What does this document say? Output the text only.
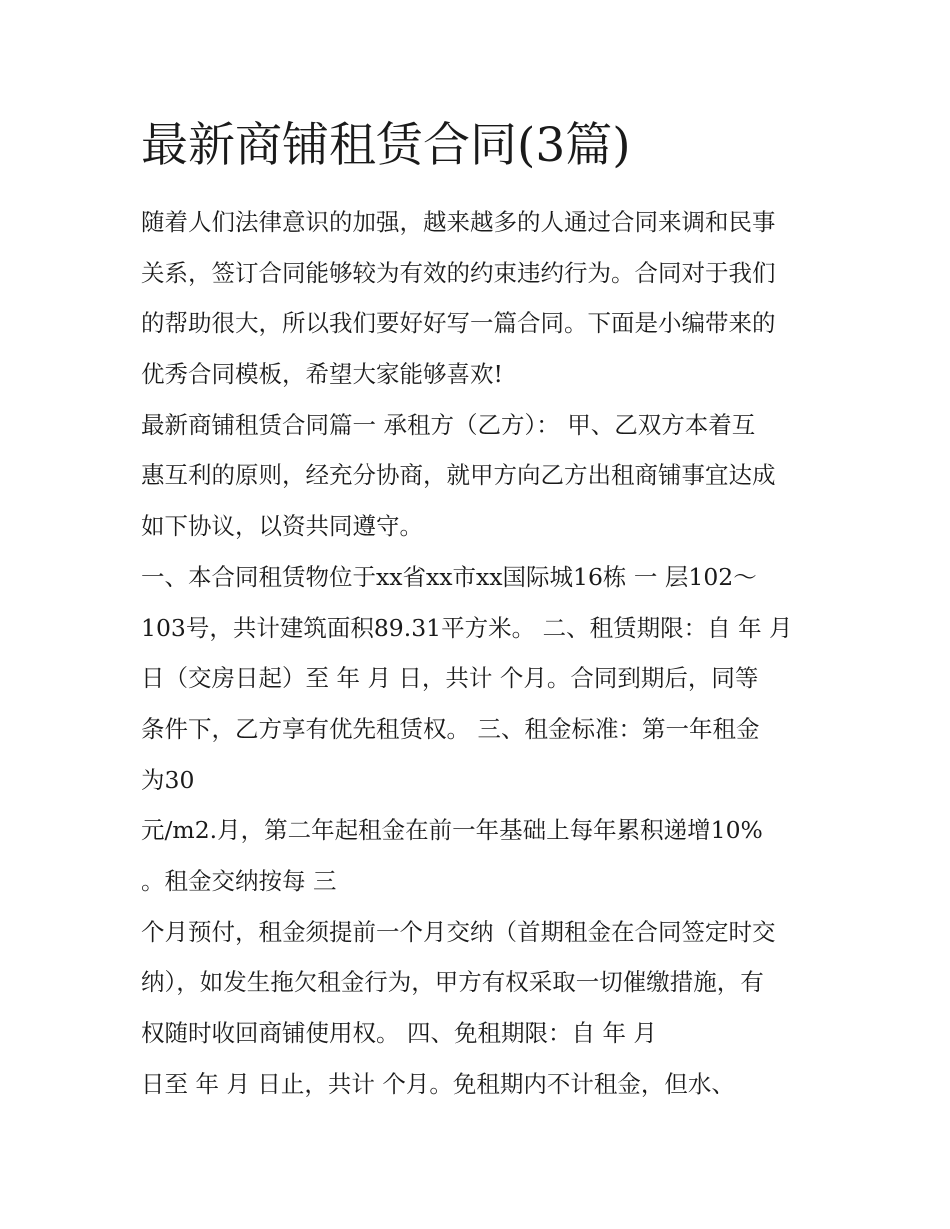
最新商铺租赁合同(3篇)
随着人们法律意识的加强，越来越多的人通过合同来调和民事
关系，签订合同能够较为有效的约束违约行为。合同对于我们
的帮助很大，所以我们要好好写一篇合同。下面是小编带来的
优秀合同模板，希望大家能够喜欢!
最新商铺租赁合同篇一 承租方（乙方）： 甲、乙双方本着互
惠互利的原则，经充分协商，就甲方向乙方出租商铺事宜达成
如下协议，以资共同遵守。
一、本合同租赁物位于xx省xx市xx国际城16栋 一 层102～
103号，共计建筑面积89.31平方米。 二、租赁期限：自 年 月
日（交房日起）至 年 月 日，共计 个月。合同到期后，同等
条件下，乙方享有优先租赁权。 三、租金标准：第一年租金
为30
元/m2.月，第二年起租金在前一年基础上每年累积递增10%
。租金交纳按每 三
个月预付，租金须提前一个月交纳（首期租金在合同签定时交
纳），如发生拖欠租金行为，甲方有权采取一切催缴措施，有
权随时收回商铺使用权。 四、免租期限：自 年 月
日至 年 月 日止，共计 个月。免租期内不计租金，但水、
